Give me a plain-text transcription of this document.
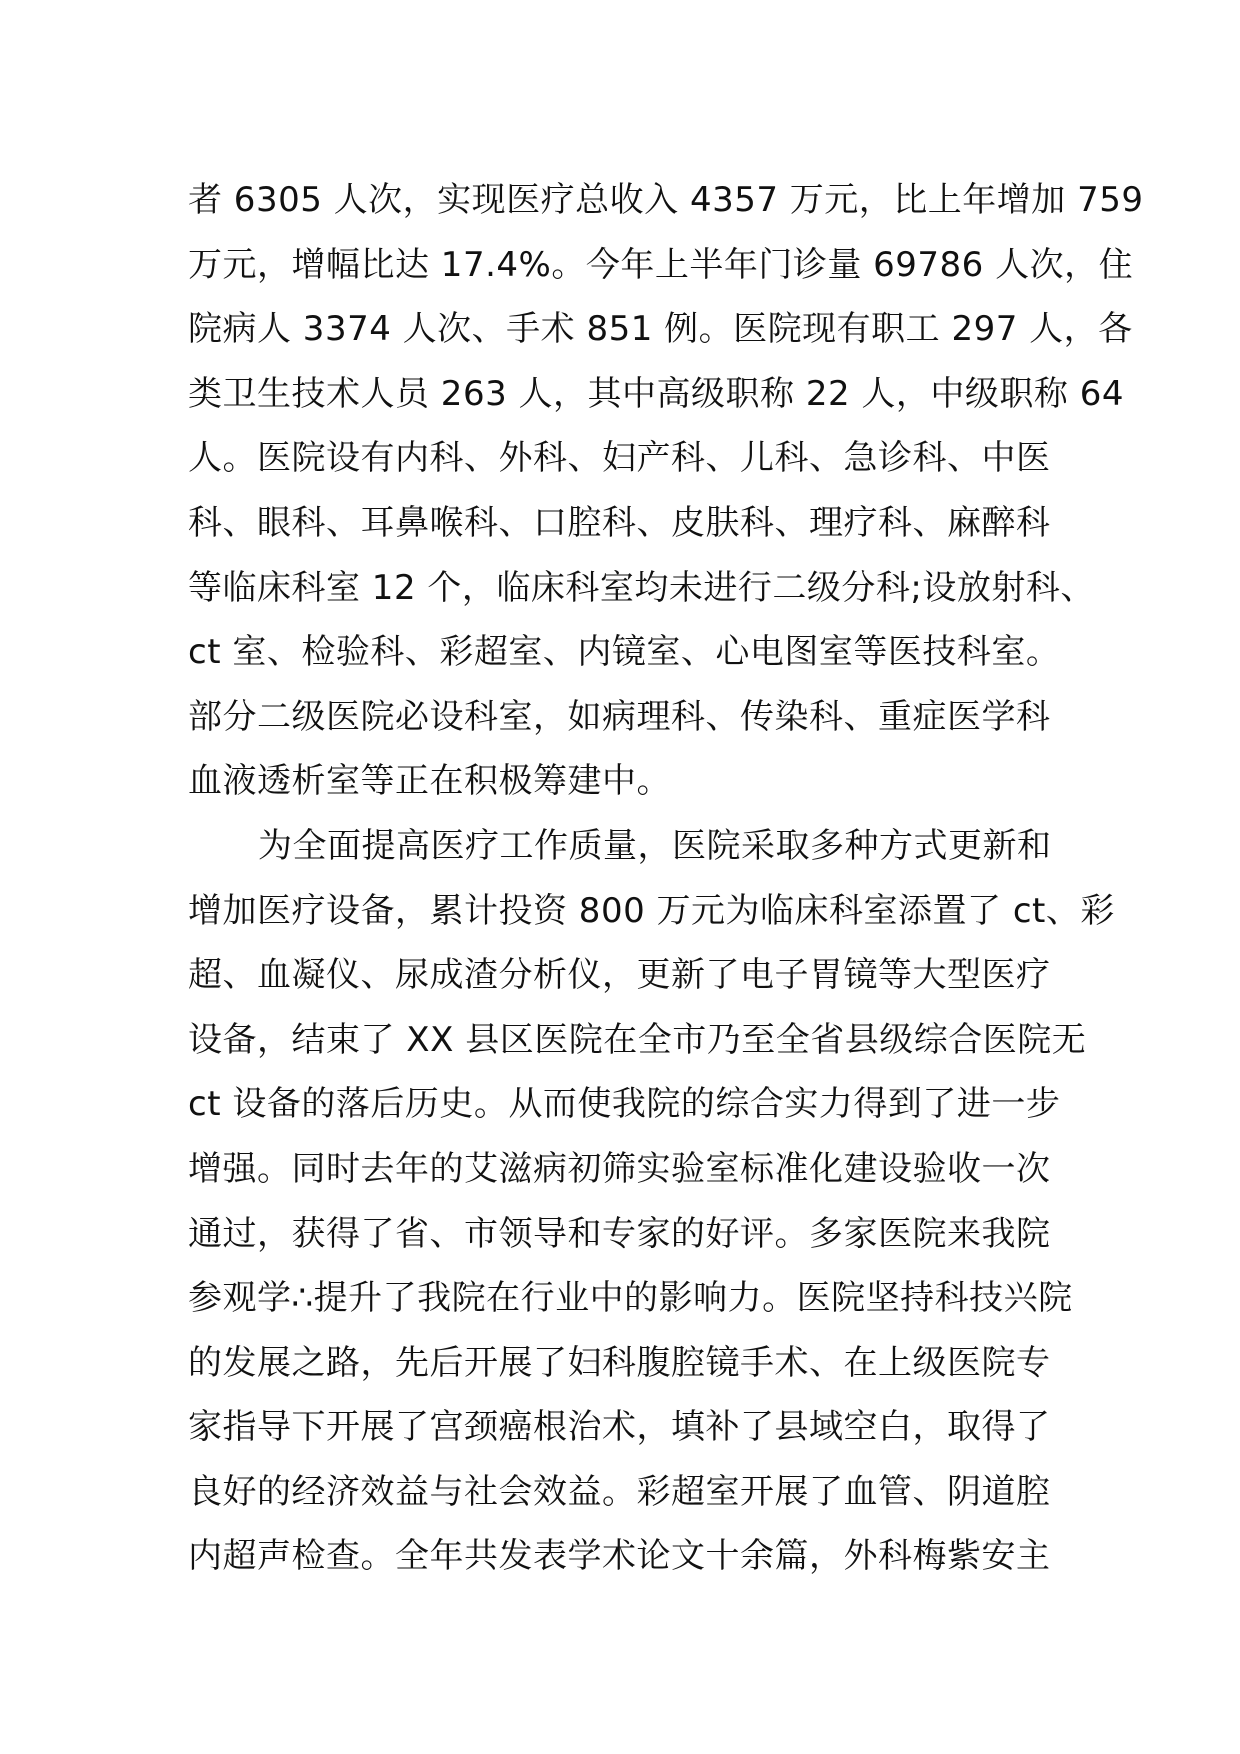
者 6305 人次，实现医疗总收入 4357 万元，比上年增加 759
万元，增幅比达 17.4%。今年上半年门诊量 69786 人次，住
院病人 3374 人次、手术 851 例。医院现有职工 297 人，各
类卫生技术人员 263 人，其中高级职称 22 人，中级职称 64
人。医院设有内科、外科、妇产科、儿科、急诊科、中医
科、眼科、耳鼻喉科、口腔科、皮肤科、理疗科、麻醉科
等临床科室 12 个，临床科室均未进行二级分科;设放射科、
ct 室、检验科、彩超室、内镜室、心电图室等医技科室。
部分二级医院必设科室，如病理科、传染科、重症医学科
血液透析室等正在积极筹建中。
为全面提高医疗工作质量，医院采取多种方式更新和
增加医疗设备，累计投资 800 万元为临床科室添置了 ct、彩
超、血凝仪、尿成渣分析仪，更新了电子胃镜等大型医疗
设备，结束了 XX 县区医院在全市乃至全省县级综合医院无
ct 设备的落后历史。从而使我院的综合实力得到了进一步
增强。同时去年的艾滋病初筛实验室标准化建设验收一次
通过，获得了省、市领导和专家的好评。多家医院来我院
参观学∴提升了我院在行业中的影响力。医院坚持科技兴院
的发展之路，先后开展了妇科腹腔镜手术、在上级医院专
家指导下开展了宫颈癌根治术，填补了县域空白，取得了
良好的经济效益与社会效益。彩超室开展了血管、阴道腔
内超声检查。全年共发表学术论文十余篇，外科梅紫安主
